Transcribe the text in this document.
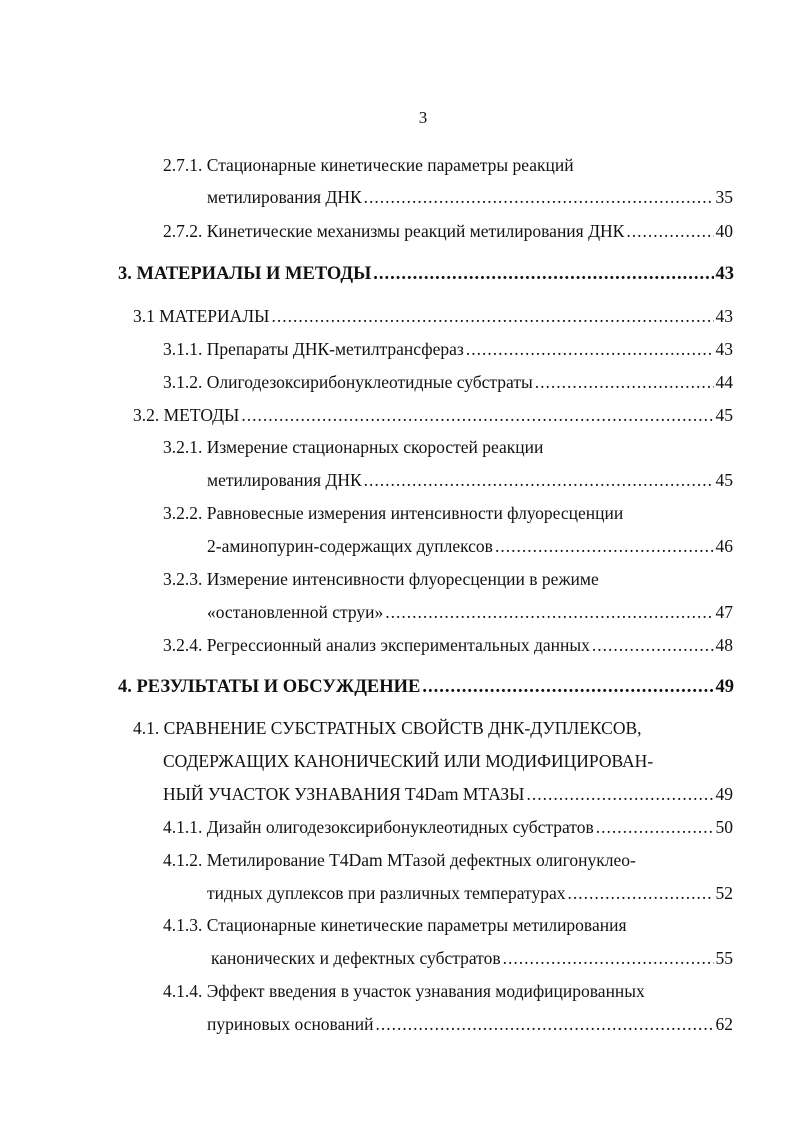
3
2.7.1. Стационарные кинетические параметры реакций
метилирования ДНК .....	35
2.7.2. Кинетические механизмы реакций метилирования ДНК .....	40
3. МАТЕРИАЛЫ И МЕТОДЫ .....	43
3.1 МАТЕРИАЛЫ .....	43
3.1.1. Препараты ДНК-метилтрансфераз .....	43
3.1.2. Олигодезоксирибонуклеотидные субстраты .....	44
3.2. МЕТОДЫ .....	45
3.2.1. Измерение стационарных скоростей реакции
метилирования ДНК .....	45
3.2.2. Равновесные измерения интенсивности флуоресценции
2-аминопурин-содержащих дуплексов .....	46
3.2.3. Измерение интенсивности флуоресценции в режиме
«остановленной струи» .....	47
3.2.4. Регрессионный анализ экспериментальных данных .....	48
4. РЕЗУЛЬТАТЫ И ОБСУЖДЕНИЕ .....	49
4.1. СРАВНЕНИЕ СУБСТРАТНЫХ СВОЙСТВ ДНК-ДУПЛЕКСОВ,
СОДЕРЖАЩИХ КАНОНИЧЕСКИЙ ИЛИ МОДИФИЦИРОВАН-
НЫЙ УЧАСТОК УЗНАВАНИЯ T4Dam МТАЗЫ .....	49
4.1.1. Дизайн олигодезоксирибонуклеотидных субстратов .....	50
4.1.2. Метилирование T4Dam МТазой дефектных олигонуклео-
тидных дуплексов при различных температурах .....	52
4.1.3. Стационарные кинетические параметры метилирования
канонических и дефектных субстратов .....	55
4.1.4. Эффект введения в участок узнавания модифицированных
пуриновых оснований .....	62
